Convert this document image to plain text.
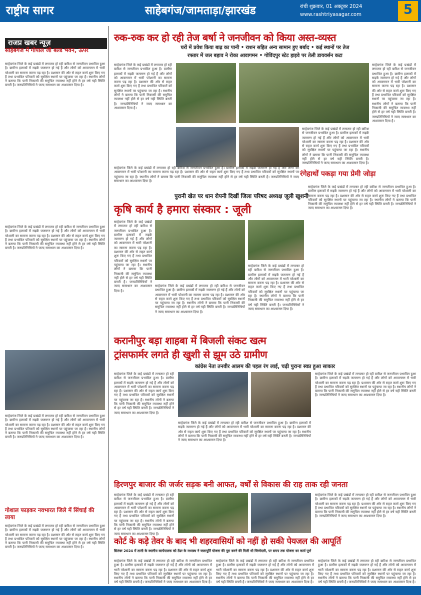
राष्ट्रीय सागर	साहेबगंज/जामताड़ा/झारखंड	रांची शुक्रवार, 01 अक्टूबर 2024
www.rashtriyasagar.com	5
राजप्र खबर न्यूज़
साहेबगंज में गोपाल जी बल्ड भवन, ऊपर
साहेबगंज जिले के कई प्रखंडों में लगातार हो रही बारिश से जनजीवन प्रभावित हुआ है। ग्रामीण इलाकों में सड़कें जलमग्न हो गई हैं और लोगों को आवागमन में भारी परेशानी का सामना करना पड़ रहा है। प्रशासन की ओर से राहत कार्य शुरू किए गए हैं तथा प्रभावित परिवारों को सुरक्षित स्थानों पर पहुंचाया जा रहा है। स्थानीय लोगों ने बताया कि पानी निकासी की समुचित व्यवस्था नहीं होने से हर वर्ष यही स्थिति बनती है। जनप्रतिनिधियों ने जल्द समाधान का आश्वासन दिया है।
साहेबगंज जिले के कई प्रखंडों में लगातार हो रही बारिश से जनजीवन प्रभावित हुआ है। ग्रामीण इलाकों में सड़कें जलमग्न हो गई हैं और लोगों को आवागमन में भारी परेशानी का सामना करना पड़ रहा है। प्रशासन की ओर से राहत कार्य शुरू किए गए हैं तथा प्रभावित परिवारों को सुरक्षित स्थानों पर पहुंचाया जा रहा है। स्थानीय लोगों ने बताया कि पानी निकासी की समुचित व्यवस्था नहीं होने से हर वर्ष यही स्थिति बनती है। जनप्रतिनिधियों ने जल्द समाधान का आश्वासन दिया है।
साहेबगंज जिले के कई प्रखंडों में लगातार हो रही बारिश से जनजीवन प्रभावित हुआ है। ग्रामीण इलाकों में सड़कें जलमग्न हो गई हैं और लोगों को आवागमन में भारी परेशानी का सामना करना पड़ रहा है। प्रशासन की ओर से राहत कार्य शुरू किए गए हैं तथा प्रभावित परिवारों को सुरक्षित स्थानों पर पहुंचाया जा रहा है। स्थानीय लोगों ने बताया कि पानी निकासी की समुचित व्यवस्था नहीं होने से हर वर्ष यही स्थिति बनती है। जनप्रतिनिधियों ने जल्द समाधान का आश्वासन दिया है।
गोशाल फाड़कर नवभारत जिले में सिंचाई की लाया
साहेबगंज जिले के कई प्रखंडों में लगातार हो रही बारिश से जनजीवन प्रभावित हुआ है। ग्रामीण इलाकों में सड़कें जलमग्न हो गई हैं और लोगों को आवागमन में भारी परेशानी का सामना करना पड़ रहा है। प्रशासन की ओर से राहत कार्य शुरू किए गए हैं तथा प्रभावित परिवारों को सुरक्षित स्थानों पर पहुंचाया जा रहा है। स्थानीय लोगों ने बताया कि पानी निकासी की समुचित व्यवस्था नहीं होने से हर वर्ष यही स्थिति बनती है। जनप्रतिनिधियों ने जल्द समाधान का आश्वासन दिया है।
रुक-रुक कर हो रही तेज बर्षा ने जनजीवन को किया अस्त-व्यस्त
घरों में प्रवेश किया बाढ़ का पानी • राशन सहित अन्य सामान हुए बर्बाद • कई स्थानों पर तेज
रफ्तार में जल बहाव ने रोका आवागमन • गोविंदपुर स्टेट हाइवे पर तेली डायवर्सन कटा
साहेबगंज जिले के कई प्रखंडों में लगातार हो रही बारिश से जनजीवन प्रभावित हुआ है। ग्रामीण इलाकों में सड़कें जलमग्न हो गई हैं और लोगों को आवागमन में भारी परेशानी का सामना करना पड़ रहा है। प्रशासन की ओर से राहत कार्य शुरू किए गए हैं तथा प्रभावित परिवारों को सुरक्षित स्थानों पर पहुंचाया जा रहा है। स्थानीय लोगों ने बताया कि पानी निकासी की समुचित व्यवस्था नहीं होने से हर वर्ष यही स्थिति बनती है। जनप्रतिनिधियों ने जल्द समाधान का आश्वासन दिया है।
साहेबगंज जिले के कई प्रखंडों में लगातार हो रही बारिश से जनजीवन प्रभावित हुआ है। ग्रामीण इलाकों में सड़कें जलमग्न हो गई हैं और लोगों को आवागमन में भारी परेशानी का सामना करना पड़ रहा है। प्रशासन की ओर से राहत कार्य शुरू किए गए हैं तथा प्रभावित परिवारों को सुरक्षित स्थानों पर पहुंचाया जा रहा है। स्थानीय लोगों ने बताया कि पानी निकासी की समुचित व्यवस्था नहीं होने से हर वर्ष यही स्थिति बनती है। जनप्रतिनिधियों ने जल्द समाधान का आश्वासन दिया है।
साहेबगंज जिले के कई प्रखंडों में लगातार हो रही बारिश से जनजीवन प्रभावित हुआ है। ग्रामीण इलाकों में सड़कें जलमग्न हो गई हैं और लोगों को आवागमन में भारी परेशानी का सामना करना पड़ रहा है। प्रशासन की ओर से राहत कार्य शुरू किए गए हैं तथा प्रभावित परिवारों को सुरक्षित स्थानों पर पहुंचाया जा रहा है। स्थानीय लोगों ने बताया कि पानी निकासी की समुचित व्यवस्था नहीं होने से हर वर्ष यही स्थिति बनती है। जनप्रतिनिधियों ने जल्द समाधान का आश्वासन दिया है।
साहेबगंज जिले के कई प्रखंडों में लगातार हो रही बारिश से जनजीवन प्रभावित हुआ है। ग्रामीण इलाकों में सड़कें जलमग्न हो गई हैं और लोगों को आवागमन में भारी परेशानी का सामना करना पड़ रहा है। प्रशासन की ओर से राहत कार्य शुरू किए गए हैं तथा प्रभावित परिवारों को सुरक्षित स्थानों पर पहुंचाया जा रहा है। स्थानीय लोगों ने बताया कि पानी निकासी की समुचित व्यवस्था नहीं होने से हर वर्ष यही स्थिति बनती है। जनप्रतिनिधियों ने जल्द समाधान का आश्वासन दिया है।
पुरानी खेत पर धान रोपनी दिखीं जिला परिषद अध्यक्ष जूली खुशनी
कृषि कार्य है हमारा संस्कार : जूली
रंगेहाथों पकड़ा गया प्रेमी जोड़ा
साहेबगंज जिले के कई प्रखंडों में लगातार हो रही बारिश से जनजीवन प्रभावित हुआ है। ग्रामीण इलाकों में सड़कें जलमग्न हो गई हैं और लोगों को आवागमन में भारी परेशानी का सामना करना पड़ रहा है। प्रशासन की ओर से राहत कार्य शुरू किए गए हैं तथा प्रभावित परिवारों को सुरक्षित स्थानों पर पहुंचाया जा रहा है। स्थानीय लोगों ने बताया कि पानी निकासी की समुचित व्यवस्था नहीं होने से हर वर्ष यही स्थिति बनती है। जनप्रतिनिधियों ने जल्द समाधान का आश्वासन दिया है।
साहेबगंज जिले के कई प्रखंडों में लगातार हो रही बारिश से जनजीवन प्रभावित हुआ है। ग्रामीण इलाकों में सड़कें जलमग्न हो गई हैं और लोगों को आवागमन में भारी परेशानी का सामना करना पड़ रहा है। प्रशासन की ओर से राहत कार्य शुरू किए गए हैं तथा प्रभावित परिवारों को सुरक्षित स्थानों पर पहुंचाया जा रहा है। स्थानीय लोगों ने बताया कि पानी निकासी की समुचित व्यवस्था नहीं होने से हर वर्ष यही स्थिति बनती है। जनप्रतिनिधियों ने जल्द समाधान का आश्वासन दिया है।
साहेबगंज जिले के कई प्रखंडों में लगातार हो रही बारिश से जनजीवन प्रभावित हुआ है। ग्रामीण इलाकों में सड़कें जलमग्न हो गई हैं और लोगों को आवागमन में भारी परेशानी का सामना करना पड़ रहा है। प्रशासन की ओर से राहत कार्य शुरू किए गए हैं तथा प्रभावित परिवारों को सुरक्षित स्थानों पर पहुंचाया जा रहा है। स्थानीय लोगों ने बताया कि पानी निकासी की समुचित व्यवस्था नहीं होने से हर वर्ष यही स्थिति बनती है। जनप्रतिनिधियों ने जल्द समाधान का आश्वासन दिया है।
साहेबगंज जिले के कई प्रखंडों में लगातार हो रही बारिश से जनजीवन प्रभावित हुआ है। ग्रामीण इलाकों में सड़कें जलमग्न हो गई हैं और लोगों को आवागमन में भारी परेशानी का सामना करना पड़ रहा है। प्रशासन की ओर से राहत कार्य शुरू किए गए हैं तथा प्रभावित परिवारों को सुरक्षित स्थानों पर पहुंचाया जा रहा है। स्थानीय लोगों ने बताया कि पानी निकासी की समुचित व्यवस्था नहीं होने से हर वर्ष यही स्थिति बनती है। जनप्रतिनिधियों ने जल्द समाधान का आश्वासन दिया है।
करानीपुर बड़ा शाहबा में बिजली संकट खत्म
ट्रांसफार्मर लगते ही खुशी से झूम उठे ग्रामीण
कांग्रेस नेता तनवीर आलम की पहल रंग लाई, चढ़ी पुराना स्वप्न हुआ साकार
साहेबगंज जिले के कई प्रखंडों में लगातार हो रही बारिश से जनजीवन प्रभावित हुआ है। ग्रामीण इलाकों में सड़कें जलमग्न हो गई हैं और लोगों को आवागमन में भारी परेशानी का सामना करना पड़ रहा है। प्रशासन की ओर से राहत कार्य शुरू किए गए हैं तथा प्रभावित परिवारों को सुरक्षित स्थानों पर पहुंचाया जा रहा है। स्थानीय लोगों ने बताया कि पानी निकासी की समुचित व्यवस्था नहीं होने से हर वर्ष यही स्थिति बनती है। जनप्रतिनिधियों ने जल्द समाधान का आश्वासन दिया है।
साहेबगंज जिले के कई प्रखंडों में लगातार हो रही बारिश से जनजीवन प्रभावित हुआ है। ग्रामीण इलाकों में सड़कें जलमग्न हो गई हैं और लोगों को आवागमन में भारी परेशानी का सामना करना पड़ रहा है। प्रशासन की ओर से राहत कार्य शुरू किए गए हैं तथा प्रभावित परिवारों को सुरक्षित स्थानों पर पहुंचाया जा रहा है। स्थानीय लोगों ने बताया कि पानी निकासी की समुचित व्यवस्था नहीं होने से हर वर्ष यही स्थिति बनती है। जनप्रतिनिधियों ने जल्द समाधान का आश्वासन दिया है।
साहेबगंज जिले के कई प्रखंडों में लगातार हो रही बारिश से जनजीवन प्रभावित हुआ है। ग्रामीण इलाकों में सड़कें जलमग्न हो गई हैं और लोगों को आवागमन में भारी परेशानी का सामना करना पड़ रहा है। प्रशासन की ओर से राहत कार्य शुरू किए गए हैं तथा प्रभावित परिवारों को सुरक्षित स्थानों पर पहुंचाया जा रहा है। स्थानीय लोगों ने बताया कि पानी निकासी की समुचित व्यवस्था नहीं होने से हर वर्ष यही स्थिति बनती है। जनप्रतिनिधियों ने जल्द समाधान का आश्वासन दिया है।
हिरणपुर बाजार की जर्जर सड़क बनी आफत, वर्षों से विकास की राह ताक रही जनता
साहेबगंज जिले के कई प्रखंडों में लगातार हो रही बारिश से जनजीवन प्रभावित हुआ है। ग्रामीण इलाकों में सड़कें जलमग्न हो गई हैं और लोगों को आवागमन में भारी परेशानी का सामना करना पड़ रहा है। प्रशासन की ओर से राहत कार्य शुरू किए गए हैं तथा प्रभावित परिवारों को सुरक्षित स्थानों पर पहुंचाया जा रहा है। स्थानीय लोगों ने बताया कि पानी निकासी की समुचित व्यवस्था नहीं होने से हर वर्ष यही स्थिति बनती है। जनप्रतिनिधियों ने जल्द समाधान का आश्वासन दिया है।
साहेबगंज जिले के कई प्रखंडों में लगातार हो रही बारिश से जनजीवन प्रभावित हुआ है। ग्रामीण इलाकों में सड़कें जलमग्न हो गई हैं और लोगों को आवागमन में भारी परेशानी का सामना करना पड़ रहा है। प्रशासन की ओर से राहत कार्य शुरू किए गए हैं तथा प्रभावित परिवारों को सुरक्षित स्थानों पर पहुंचाया जा रहा है। स्थानीय लोगों ने बताया कि पानी निकासी की समुचित व्यवस्था नहीं होने से हर वर्ष यही स्थिति बनती है। जनप्रतिनिधियों ने जल्द समाधान का आश्वासन दिया है।
कोर्ट के कड़े तेवर के बाद भी शहरवासियों को नहीं हो सकी पेयजल की आपूर्ति
सितंबर 2024 में ताली के स्थानीय कार्यपालक को टेंडर के मध्यस्थ ने जलापूर्ति योजना की पूरा करने की मिली थी जिम्मेदारी, पर समय तक योजना का कार्य पूर्ण
साहेबगंज जिले के कई प्रखंडों में लगातार हो रही बारिश से जनजीवन प्रभावित हुआ है। ग्रामीण इलाकों में सड़कें जलमग्न हो गई हैं और लोगों को आवागमन में भारी परेशानी का सामना करना पड़ रहा है। प्रशासन की ओर से राहत कार्य शुरू किए गए हैं तथा प्रभावित परिवारों को सुरक्षित स्थानों पर पहुंचाया जा रहा है। स्थानीय लोगों ने बताया कि पानी निकासी की समुचित व्यवस्था नहीं होने से हर वर्ष यही स्थिति बनती है। जनप्रतिनिधियों ने जल्द समाधान का आश्वासन दिया है।
साहेबगंज जिले के कई प्रखंडों में लगातार हो रही बारिश से जनजीवन प्रभावित हुआ है। ग्रामीण इलाकों में सड़कें जलमग्न हो गई हैं और लोगों को आवागमन में भारी परेशानी का सामना करना पड़ रहा है। प्रशासन की ओर से राहत कार्य शुरू किए गए हैं तथा प्रभावित परिवारों को सुरक्षित स्थानों पर पहुंचाया जा रहा है। स्थानीय लोगों ने बताया कि पानी निकासी की समुचित व्यवस्था नहीं होने से हर वर्ष यही स्थिति बनती है। जनप्रतिनिधियों ने जल्द समाधान का आश्वासन दिया है।
साहेबगंज जिले के कई प्रखंडों में लगातार हो रही बारिश से जनजीवन प्रभावित हुआ है। ग्रामीण इलाकों में सड़कें जलमग्न हो गई हैं और लोगों को आवागमन में भारी परेशानी का सामना करना पड़ रहा है। प्रशासन की ओर से राहत कार्य शुरू किए गए हैं तथा प्रभावित परिवारों को सुरक्षित स्थानों पर पहुंचाया जा रहा है। स्थानीय लोगों ने बताया कि पानी निकासी की समुचित व्यवस्था नहीं होने से हर वर्ष यही स्थिति बनती है। जनप्रतिनिधियों ने जल्द समाधान का आश्वासन दिया है।
